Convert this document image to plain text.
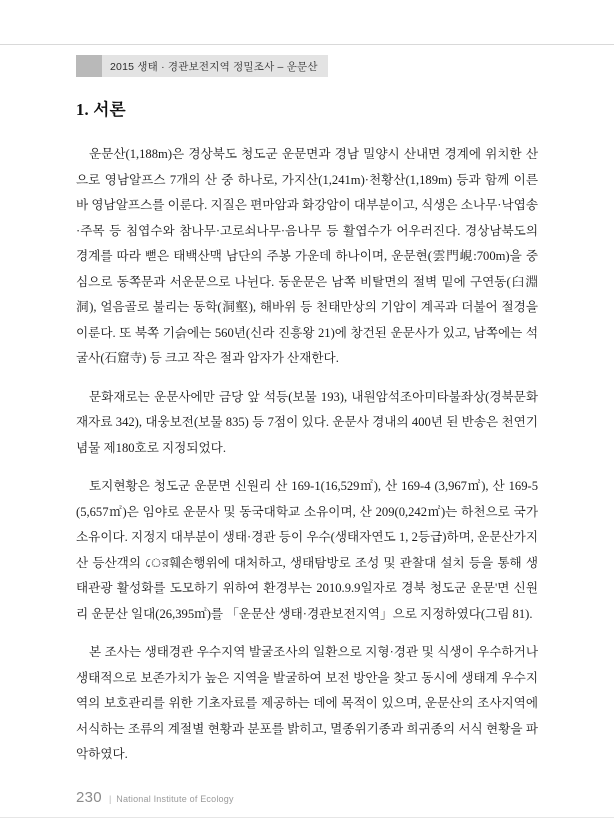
2015 생태 · 경관보전지역 정밀조사 – 운문산
1. 서론

운문산(1,188m)은 경상북도 청도군 운문면과 경남 밀양시 산내면 경계에 위치한 산으로 영남알프스 7개의 산 중 하나로, 가지산(1,241m)·천황산(1,189m) 등과 함께 이른바 영남알프스를 이룬다. 지질은 편마암과 화강암이 대부분이고, 식생은 소나무·낙엽송·주목 등 침엽수와 참나무·고로쇠나무·음나무 등 활엽수가 어우러진다. 경상남북도의 경계를 따라 뻗은 태백산맥 남단의 주봉 가운데 하나이며, 운문현(雲門峴:700m)을 중심으로 동쪽문과 서운문으로 나뉜다. 동운문은 남쪽 비탈면의 절벽 밑에 구연동(臼淵洞), 얼음골로 불리는 동학(洞壑), 해바위 등 천태만상의 기암이 계곡과 더불어 절경을 이룬다. 또 북쪽 기슭에는 560년(신라 진흥왕 21)에 창건된 운문사가 있고, 남쪽에는 석굴사(石窟寺) 등 크고 작은 절과 암자가 산재한다.

문화재로는 운문사에만 금당 앞 석등(보물 193), 내원암석조아미타불좌상(경북문화재자료 342), 대웅보전(보물 835) 등 7점이 있다. 운문사 경내의 400년 된 반송은 천연기념물 제180호로 지정되었다.

토지현황은 청도군 운문면 신원리 산 169-1(16,529㎡), 산 169-4 (3,967㎡), 산 169-5(5,657㎡)은 임야로 운문사 및 동국대학교 소유이며, 산 209(0,242㎡)는 하천으로 국가 소유이다. 지정지 대부분이 생태·경관 등이 우수(생태자연도 1, 2등급)하며, 운문산가지산 등산객의 ের훼손행위에 대처하고, 생태탐방로 조성 및 관찰대 설치 등을 통해 생태관광 활성화를 도모하기 위하여 환경부는 2010.9.9일자로 경북 청도군 운문'면 신원리 운문산 일대(26,395㎡)를 「운문산 생태·경관보전지역」으로 지정하였다(그림 81).

본 조사는 생태경관 우수지역 발굴조사의 일환으로 지형·경관 및 식생이 우수하거나 생태적으로 보존가치가 높은 지역을 발굴하여 보전 방안을 찾고 동시에 생태계 우수지역의 보호관리를 위한 기초자료를 제공하는 데에 목적이 있으며, 운문산의 조사지역에 서식하는 조류의 계절별 현황과 분포를 밝히고, 멸종위기종과 희귀종의 서식 현황을 파악하였다.

230 | National Institute of Ecology
